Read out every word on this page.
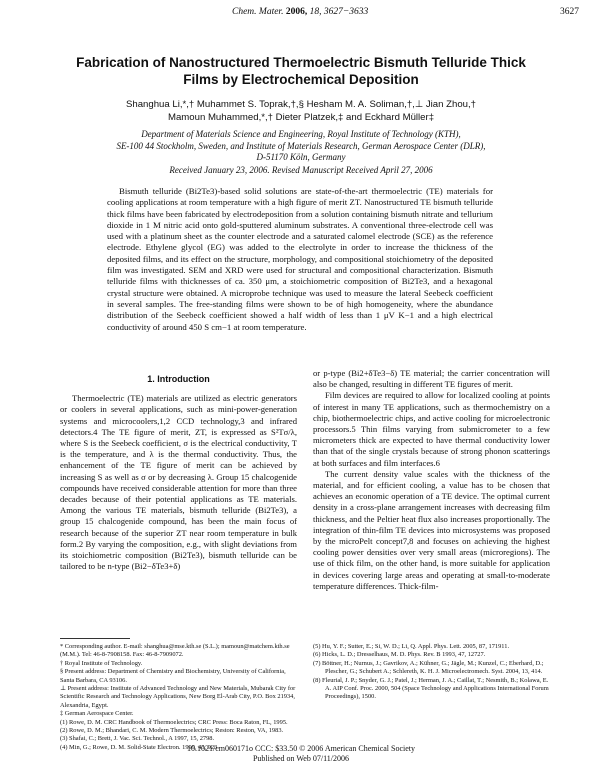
Chem. Mater. 2006, 18, 3627−3633	3627
Fabrication of Nanostructured Thermoelectric Bismuth Telluride Thick Films by Electrochemical Deposition
Shanghua Li,*,† Muhammet S. Toprak,†,§ Hesham M. A. Soliman,†,⊥ Jian Zhou,†
Mamoun Muhammed,*,† Dieter Platzek,‡ and Eckhard Müller‡
Department of Materials Science and Engineering, Royal Institute of Technology (KTH),
SE-100 44 Stockholm, Sweden, and Institute of Materials Research, German Aerospace Center (DLR),
D-51170 Köln, Germany
Received January 23, 2006. Revised Manuscript Received April 27, 2006
Bismuth telluride (Bi2Te3)-based solid solutions are state-of-the-art thermoelectric (TE) materials for cooling applications at room temperature with a high figure of merit ZT. Nanostructured TE bismuth telluride thick films have been fabricated by electrodeposition from a solution containing bismuth nitrate and tellurium dioxide in 1 M nitric acid onto gold-sputtered aluminum substrates. A conventional three-electrode cell was used with a platinum sheet as the counter electrode and a saturated calomel electrode (SCE) as the reference electrode. Ethylene glycol (EG) was added to the electrolyte in order to increase the thickness of the deposited films, and its effect on the structure, morphology, and compositional stoichiometry of the deposited film was investigated. SEM and XRD were used for structural and compositional characterization. Bismuth telluride films with thicknesses of ca. 350 μm, a stoichiometric composition of Bi2Te3, and a hexagonal crystal structure were obtained. A microprobe technique was used to measure the lateral Seebeck coefficient in several samples. The free-standing films were shown to be of high homogeneity, where the abundance distribution of the Seebeck coefficient showed a half width of less than 1 μV K−1 and a high electrical conductivity of around 450 S cm−1 at room temperature.
1. Introduction

Thermoelectric (TE) materials are utilized as electric generators or coolers in several applications, such as mini-power-generation systems and microcoolers,1,2 CCD technology,3 and infrared detectors.4 The TE figure of merit, ZT, is expressed as S²Tσ/λ, where S is the Seebeck coefficient, σ is the electrical conductivity, T is the temperature, and λ is the thermal conductivity. Thus, the enhancement of the TE figure of merit can be achieved by increasing S as well as σ or by decreasing λ. Group 15 chalcogenide compounds have received considerable attention for more than three decades because of their potential applications as TE materials. Among the various TE materials, bismuth telluride (Bi2Te3), a group 15 chalcogenide compound, has been the main focus of research because of the superior ZT near room temperature in bulk form.2 By varying the composition, e.g., with slight deviations from its stoichiometric composition (Bi2Te3), bismuth telluride can be tailored to be n-type (Bi2−δTe3+δ)

or p-type (Bi2+δTe3−δ) TE material; the carrier concentration will also be changed, resulting in different TE figures of merit.

Film devices are required to allow for localized cooling at points of interest in many TE applications, such as thermochemistry on a chip, biothermoelectric chips, and active cooling for microelectronic processors.5 Thin films varying from submicrometer to a few micrometers thick are expected to have thermal conductivity lower than that of the single crystals because of strong phonon scatterings at both surfaces and film interfaces.6

The current density value scales with the thickness of the material, and for efficient cooling, a value has to be chosen that achieves an economic operation of a TE device. The optimal current density in a cross-plane arrangement increases with decreasing film thickness, and the Peltier heat flux also increases proportionally. The integration of thin-film TE devices into microsystems was proposed by the microPelt concept7,8 and focuses on achieving the highest cooling power densities over very small areas (microregions). The use of thick film, on the other hand, is more suitable for application in devices covering large areas and operating at small-to-moderate temperature differences. Thick-film-

* Corresponding author. E-mail: shanghua@mse.kth.se (S.L.); mamoun@matchem.kth.se (M.M.). Tel: 46-8-7908158. Fax: 46-8-7909072.
† Royal Institute of Technology.
§ Present address: Department of Chemistry and Biochemistry, University of California, Santa Barbara, CA 93106.
⊥ Present address: Institute of Advanced Technology and New Materials, Mubarak City for Scientific Research and Technology Applications, New Borg El-Arab City, P.O. Box 21934, Alexandria, Egypt.
‡ German Aerospace Center.
(1) Rowe, D. M. CRC Handbook of Thermoelectrics; CRC Press: Boca Raton, FL, 1995.
(2) Rowe, D. M.; Bhandari, C. M. Modern Thermoelectrics; Reston: Reston, VA, 1983.
(3) Shafai, C.; Brett, J. Vac. Sci. Technol., A 1997, 15, 2798.
(4) Min, G.; Rowe, D. M. Solid-State Electron. 1999, 43, 923.
(5) Hu, Y. F.; Sutter, E.; Si, W. D.; Li, Q. Appl. Phys. Lett. 2005, 87, 171911.
(6) Hicks, L. D.; Dresselhaus, M. D. Phys. Rev. B 1993, 47, 12727.
(7) Böttner, H.; Nurnus, J.; Gavrikov, A.; Kühner, G.; Jägle, M.; Kunzel, C.; Eberhard, D.; Plescher, G.; Schubert A.; Schlereth, K. H. J. Microelectromech. Syst. 2004, 13, 414.
(8) Fleurial, J. P.; Snyder, G. J.; Patel, J.; Herman, J. A.; Caillat, T.; Nesmith, B.; Kolawa, E. A. AIP Conf. Proc. 2000, 504 (Space Technology and Applications International Forum Proceedings), 1500.
10.1021/cm060171o CCC: $33.50 © 2006 American Chemical Society
Published on Web 07/11/2006
